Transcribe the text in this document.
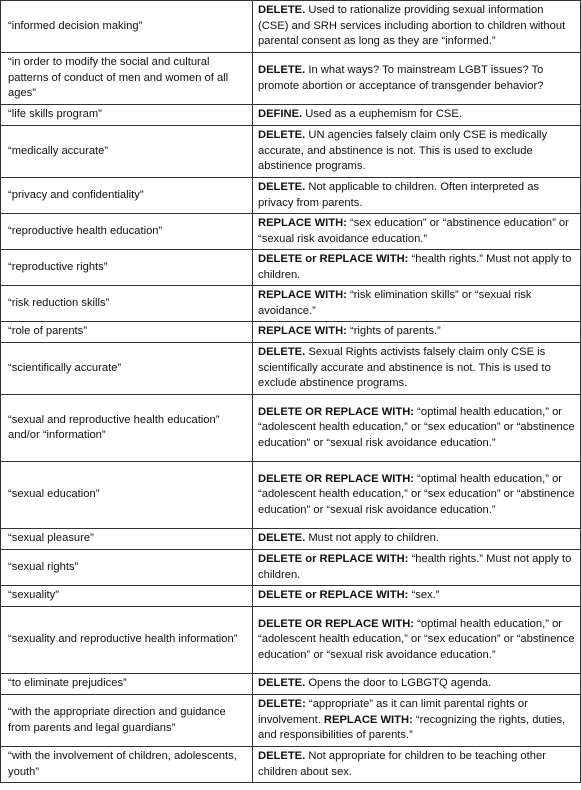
“informed decision making”	DELETE. Used to rationalize providing sexual information (CSE) and SRH services including abortion to children without parental consent as long as they are “informed.”
“in order to modify the social and cultural patterns of conduct of men and women of all ages”	DELETE. In what ways? To mainstream LGBT issues? To promote abortion or acceptance of transgender behavior?
“life skills program”	DEFINE. Used as a euphemism for CSE.
“medically accurate”	DELETE. UN agencies falsely claim only CSE is medically accurate, and abstinence is not. This is used to exclude abstinence programs.
“privacy and confidentiality”	DELETE. Not applicable to children. Often interpreted as privacy from parents.
“reproductive health education”	REPLACE WITH: “sex education” or “abstinence education” or “sexual risk avoidance education.”
“reproductive rights”	DELETE or REPLACE WITH: “health rights.” Must not apply to children.
“risk reduction skills”	REPLACE WITH: “risk elimination skills” or “sexual risk avoidance.”
“role of parents”	REPLACE WITH: “rights of parents.”
“scientifically accurate”	DELETE. Sexual Rights activists falsely claim only CSE is scientifically accurate and abstinence is not. This is used to exclude abstinence programs.
“sexual and reproductive health education” and/or “information”	DELETE OR REPLACE WITH: “optimal health education,” or “adolescent health education,” or “sex education” or “abstinence education” or “sexual risk avoidance education.”
“sexual education”	DELETE OR REPLACE WITH: “optimal health education,” or “adolescent health education,” or “sex education” or “abstinence education” or “sexual risk avoidance education.”
“sexual pleasure”	DELETE. Must not apply to children.
“sexual rights”	DELETE or REPLACE WITH: “health rights.” Must not apply to children.
“sexuality”	DELETE or REPLACE WITH: “sex.”
“sexuality and reproductive health information”	DELETE OR REPLACE WITH: “optimal health education,” or “adolescent health education,” or “sex education” or “abstinence education” or “sexual risk avoidance education.”
“to eliminate prejudices”	DELETE. Opens the door to LGBGTQ agenda.
“with the appropriate direction and guidance from parents and legal guardians”	DELETE: “appropriate” as it can limit parental rights or involvement. REPLACE WITH: “recognizing the rights, duties, and responsibilities of parents.”
“with the involvement of children, adolescents, youth”	DELETE. Not appropriate for children to be teaching other children about sex.
